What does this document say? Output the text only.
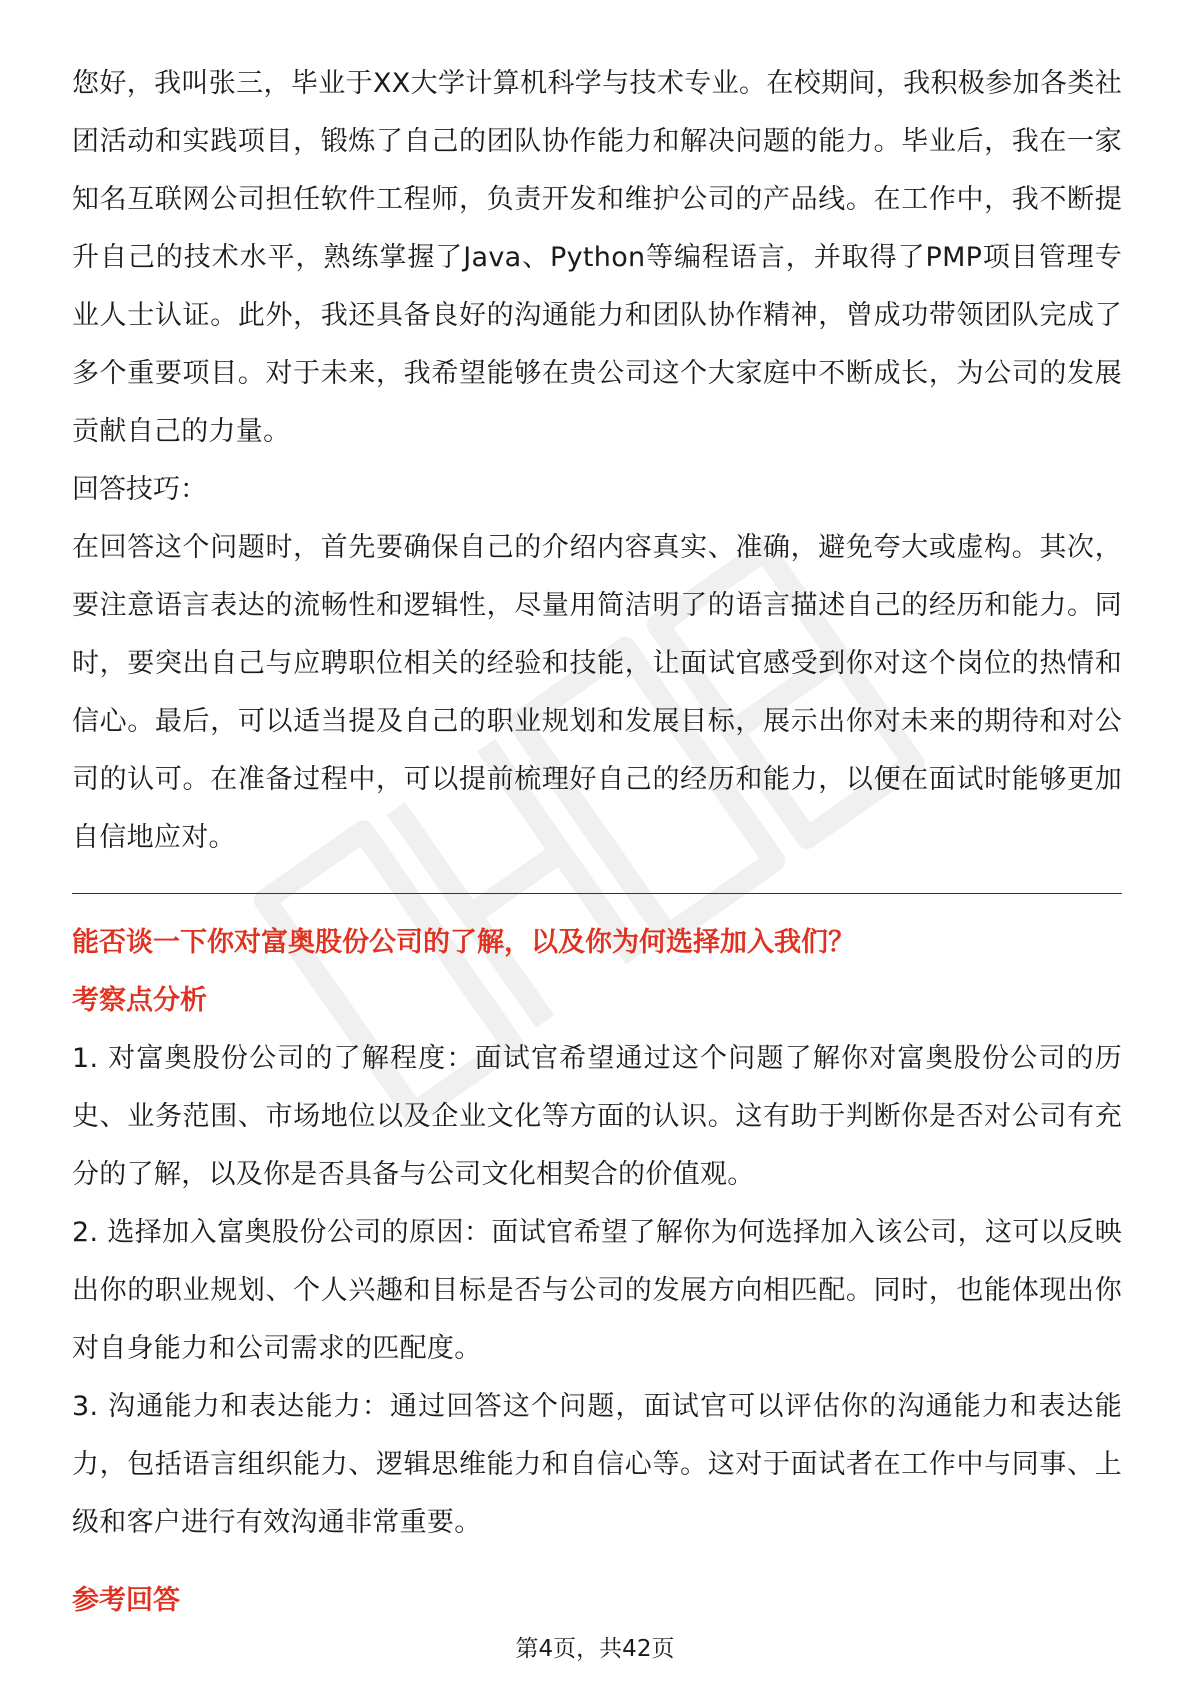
您好，我叫张三，毕业于XX大学计算机科学与技术专业。在校期间，我积极参加各类社团活动和实践项目，锻炼了自己的团队协作能力和解决问题的能力。毕业后，我在一家知名互联网公司担任软件工程师，负责开发和维护公司的产品线。在工作中，我不断提升自己的技术水平，熟练掌握了Java、Python等编程语言，并取得了PMP项目管理专业人士认证。此外，我还具备良好的沟通能力和团队协作精神，曾成功带领团队完成了多个重要项目。对于未来，我希望能够在贵公司这个大家庭中不断成长，为公司的发展贡献自己的力量。

回答技巧：

在回答这个问题时，首先要确保自己的介绍内容真实、准确，避免夸大或虚构。其次，要注意语言表达的流畅性和逻辑性，尽量用简洁明了的语言描述自己的经历和能力。同时，要突出自己与应聘职位相关的经验和技能，让面试官感受到你对这个岗位的热情和信心。最后，可以适当提及自己的职业规划和发展目标，展示出你对未来的期待和对公司的认可。在准备过程中，可以提前梳理好自己的经历和能力，以便在面试时能够更加自信地应对。

能否谈一下你对富奥股份公司的了解，以及你为何选择加入我们？

考察点分析

1. 对富奥股份公司的了解程度：面试官希望通过这个问题了解你对富奥股份公司的历史、业务范围、市场地位以及企业文化等方面的认识。这有助于判断你是否对公司有充分的了解，以及你是否具备与公司文化相契合的价值观。

2. 选择加入富奥股份公司的原因：面试官希望了解你为何选择加入该公司，这可以反映出你的职业规划、个人兴趣和目标是否与公司的发展方向相匹配。同时，也能体现出你对自身能力和公司需求的匹配度。

3. 沟通能力和表达能力：通过回答这个问题，面试官可以评估你的沟通能力和表达能力，包括语言组织能力、逻辑思维能力和自信心等。这对于面试者在工作中与同事、上级和客户进行有效沟通非常重要。

参考回答

第4页，共42页
